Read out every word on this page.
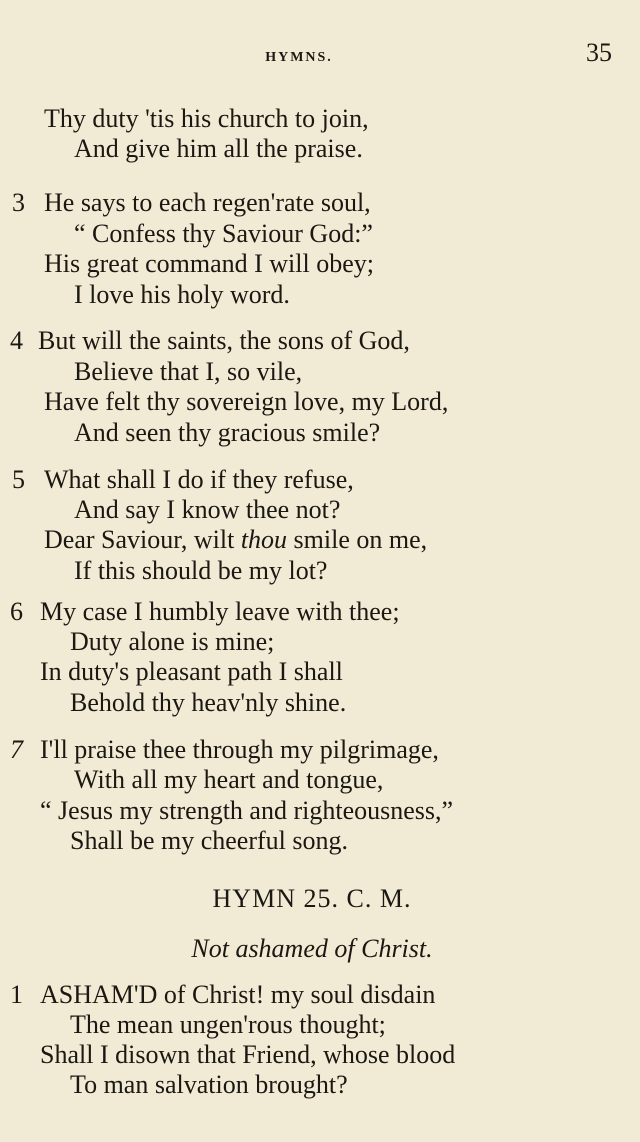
HYMNS.	35
Thy duty 'tis his church to join,
And give him all the praise.
3 He says to each regen'rate soul,
“ Confess thy Saviour God:”
His great command I will obey;
I love his holy word.
4 But will the saints, the sons of God,
Believe that I, so vile,
Have felt thy sovereign love, my Lord,
And seen thy gracious smile?
5 What shall I do if they refuse,
And say I know thee not?
Dear Saviour, wilt thou smile on me,
If this should be my lot?
6 My case I humbly leave with thee;
Duty alone is mine;
In duty's pleasant path I shall
Behold thy heav'nly shine.
7 I'll praise thee through my pilgrimage,
With all my heart and tongue,
“ Jesus my strength and righteousness,”
Shall be my cheerful song.
HYMN 25. C. M.
Not ashamed of Christ.
1 ASHAM'D of Christ! my soul disdain
The mean ungen'rous thought;
Shall I disown that Friend, whose blood
To man salvation brought?
